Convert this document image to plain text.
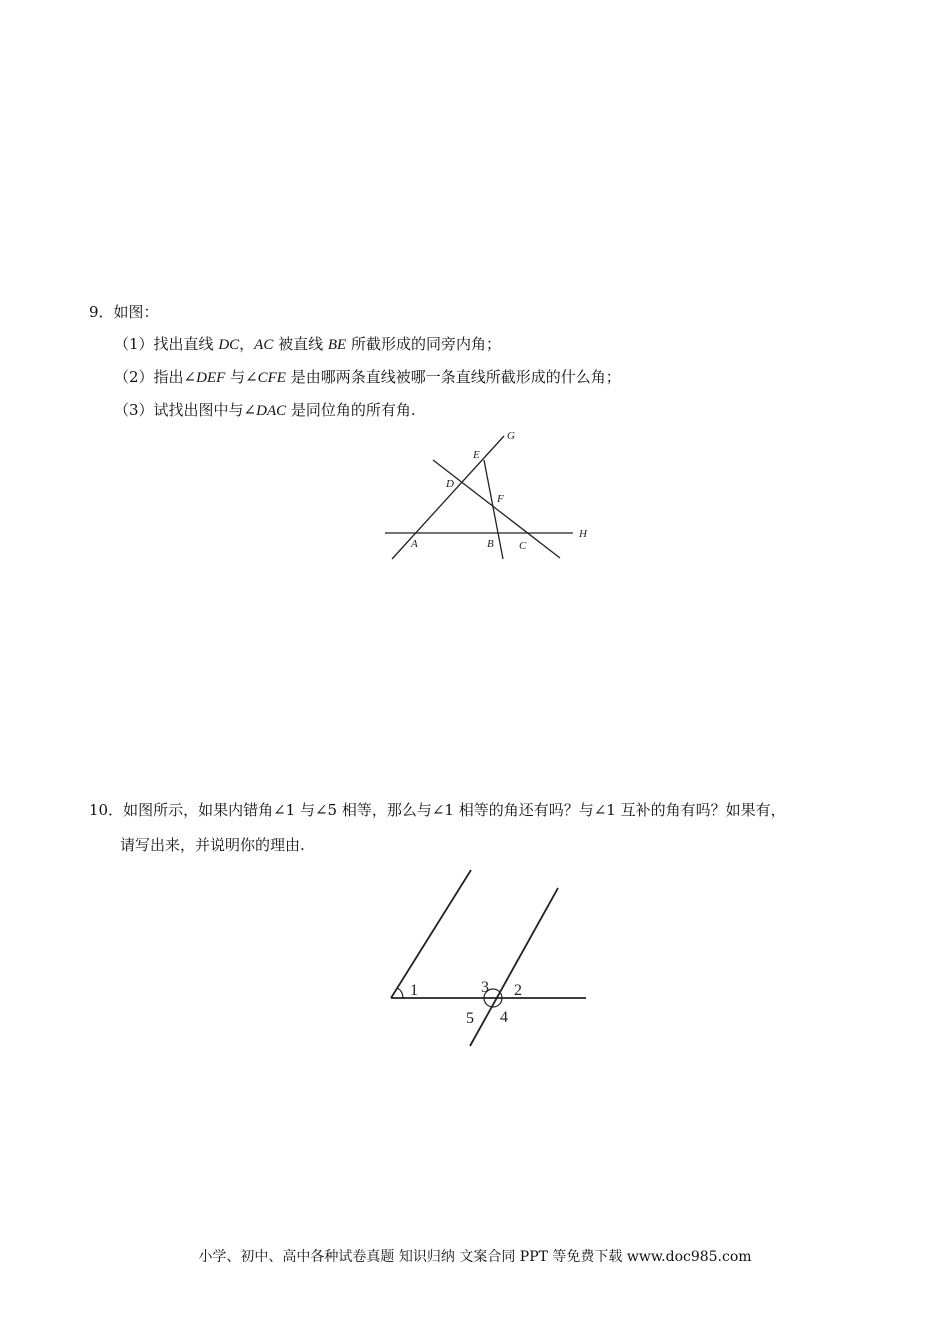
9．如图：
（1）找出直线 DC，AC 被直线 BE 所截形成的同旁内角；
（2）指出∠DEF 与∠CFE 是由哪两条直线被哪一条直线所截形成的什么角；
（3）试找出图中与∠DAC 是同位角的所有角.
G
E
D
F
A	B C
H
10．如图所示，如果内错角∠1 与∠5 相等，那么与∠1 相等的角还有吗？与∠1 互补的角有吗？如果有，
请写出来，并说明你的理由.
1	3 2
5 4
小学、初中、高中各种试卷真题 知识归纳 文案合同 PPT 等免费下载 www.doc985.com
